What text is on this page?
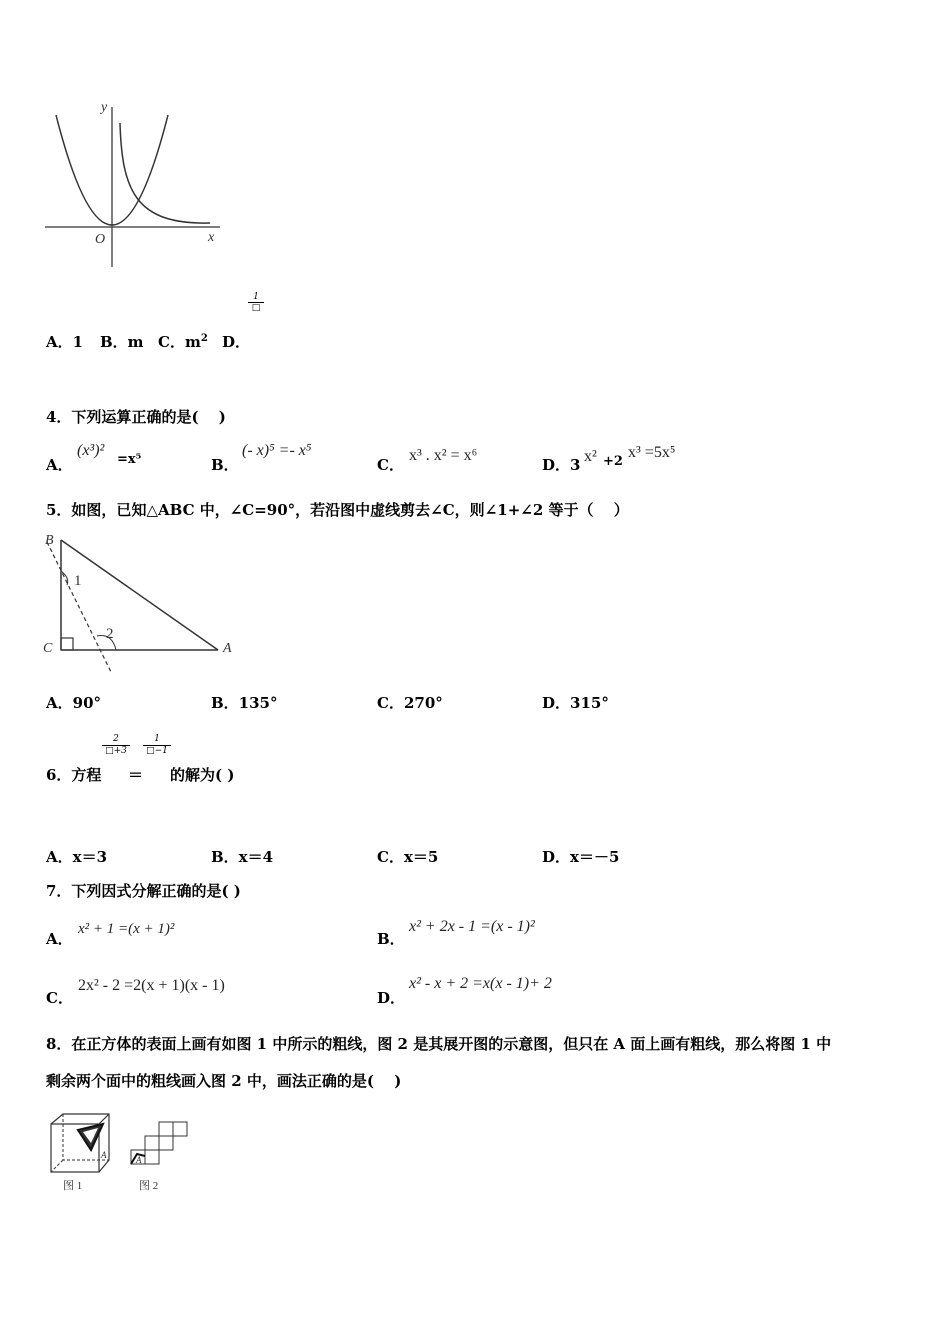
y
x
O
1
□
A．1 B．m C．$m^2$ D．
4．下列运算正确的是(　 )
A．
(x³)²
=x⁵	B．
(- x)⁵ =- x⁵
C．
x³ . x² = x⁶
D．3 x² +2
x³ =5x⁵
5．如图，已知△ABC 中，∠C=90°，若沿图中虚线剪去∠C，则∠1+∠2 等于（　 ）
B
C	A
1
2
A．90°	B．135°	C．270°	D．315°
$\frac{2}{□+3} \frac{1}{□-1}$
6．方程 ＝ 的解为( )
A．x＝3	B．x＝4	C．x＝5	D．x＝－5
7．下列因式分解正确的是( )
A．
x² + 1 =(x + 1)²
B．
x² + 2x - 1 =(x - 1)²
C．
2x² - 2 =2(x + 1)(x - 1)
D．
x² - x + 2 =x(x - 1)+ 2
8．在正方体的表面上画有如图 1 中所示的粗线，图 2 是其展开图的示意图，但只在 A 面上画有粗线，那么将图 1 中
剩余两个面中的粗线画入图 2 中，画法正确的是(　 )
A
图 1
A
图 2
